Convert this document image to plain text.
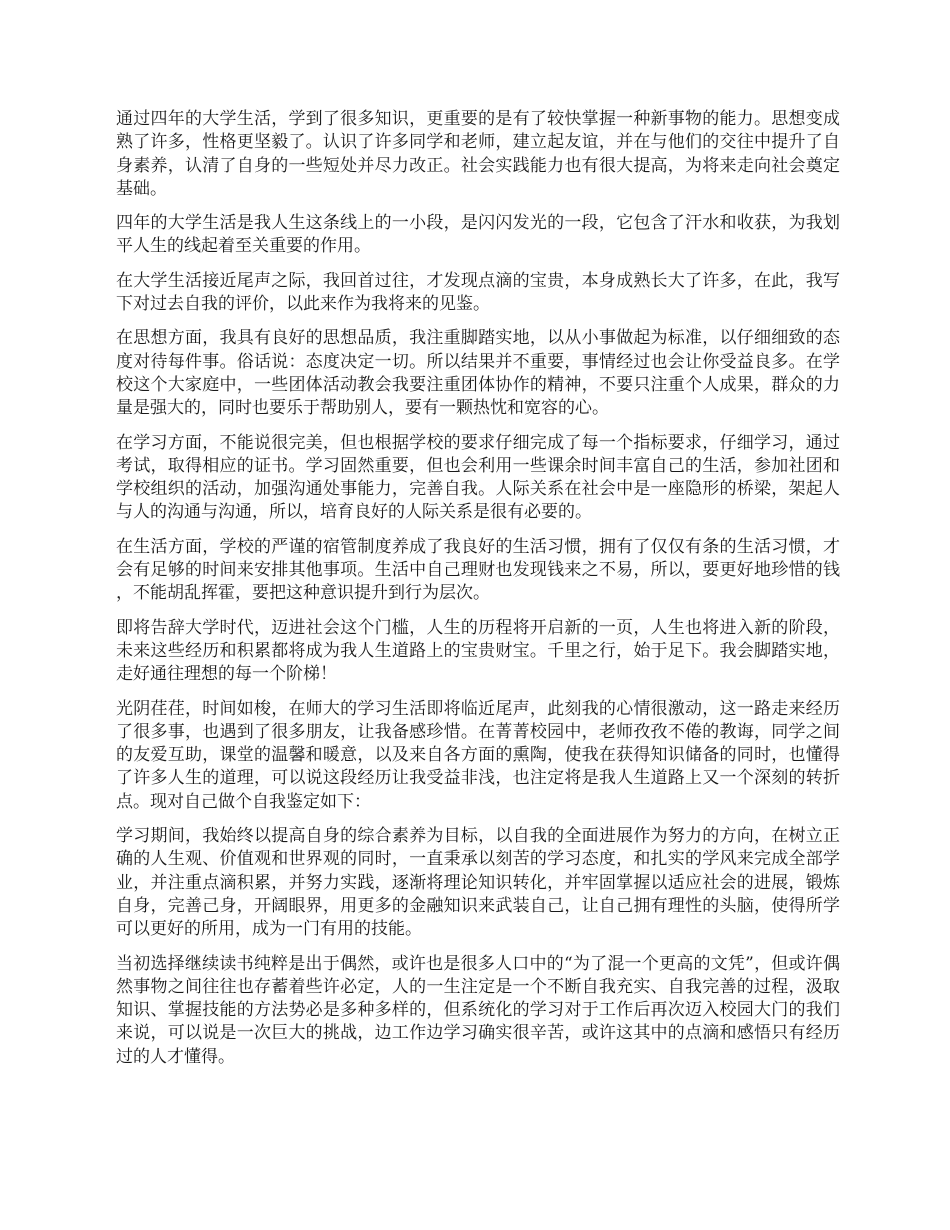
通过四年的大学生活，学到了很多知识，更重要的是有了较快掌握一种新事物的能力。思想变成熟了许多，性格更坚毅了。认识了许多同学和老师，建立起友谊，并在与他们的交往中提升了自身素养，认清了自身的一些短处并尽力改正。社会实践能力也有很大提高，为将来走向社会奠定基础。

四年的大学生活是我人生这条线上的一小段，是闪闪发光的一段，它包含了汗水和收获，为我划平人生的线起着至关重要的作用。

在大学生活接近尾声之际，我回首过往，才发现点滴的宝贵，本身成熟长大了许多，在此，我写下对过去自我的评价，以此来作为我将来的见鉴。

在思想方面，我具有良好的思想品质，我注重脚踏实地，以从小事做起为标准，以仔细细致的态度对待每件事。俗话说：态度决定一切。所以结果并不重要，事情经过也会让你受益良多。在学校这个大家庭中，一些团体活动教会我要注重团体协作的精神，不要只注重个人成果，群众的力量是强大的，同时也要乐于帮助别人，要有一颗热忱和宽容的心。

在学习方面，不能说很完美，但也根据学校的要求仔细完成了每一个指标要求，仔细学习，通过考试，取得相应的证书。学习固然重要，但也会利用一些课余时间丰富自己的生活，参加社团和学校组织的活动，加强沟通处事能力，完善自我。人际关系在社会中是一座隐形的桥梁，架起人与人的沟通与沟通，所以，培育良好的人际关系是很有必要的。

在生活方面，学校的严谨的宿管制度养成了我良好的生活习惯，拥有了仅仅有条的生活习惯，才会有足够的时间来安排其他事项。生活中自己理财也发现钱来之不易，所以，要更好地珍惜的钱，不能胡乱挥霍，要把这种意识提升到行为层次。

即将告辞大学时代，迈进社会这个门槛，人生的历程将开启新的一页，人生也将进入新的阶段，未来这些经历和积累都将成为我人生道路上的宝贵财宝。千里之行，始于足下。我会脚踏实地，走好通往理想的每一个阶梯！

光阴荏荏，时间如梭，在师大的学习生活即将临近尾声，此刻我的心情很激动，这一路走来经历了很多事，也遇到了很多朋友，让我备感珍惜。在菁菁校园中，老师孜孜不倦的教诲，同学之间的友爱互助，课堂的温馨和暖意，以及来自各方面的熏陶，使我在获得知识储备的同时，也懂得了许多人生的道理，可以说这段经历让我受益非浅，也注定将是我人生道路上又一个深刻的转折点。现对自己做个自我鉴定如下：

学习期间，我始终以提高自身的综合素养为目标，以自我的全面进展作为努力的方向，在树立正确的人生观、价值观和世界观的同时，一直秉承以刻苦的学习态度，和扎实的学风来完成全部学业，并注重点滴积累，并努力实践，逐渐将理论知识转化，并牢固掌握以适应社会的进展，锻炼自身，完善己身，开阔眼界，用更多的金融知识来武装自己，让自己拥有理性的头脑，使得所学可以更好的所用，成为一门有用的技能。

当初选择继续读书纯粹是出于偶然，或许也是很多人口中的“为了混一个更高的文凭”，但或许偶然事物之间往往也存蓄着些许必定，人的一生注定是一个不断自我充实、自我完善的过程，汲取知识、掌握技能的方法势必是多种多样的，但系统化的学习对于工作后再次迈入校园大门的我们来说，可以说是一次巨大的挑战，边工作边学习确实很辛苦，或许这其中的点滴和感悟只有经历过的人才懂得。
